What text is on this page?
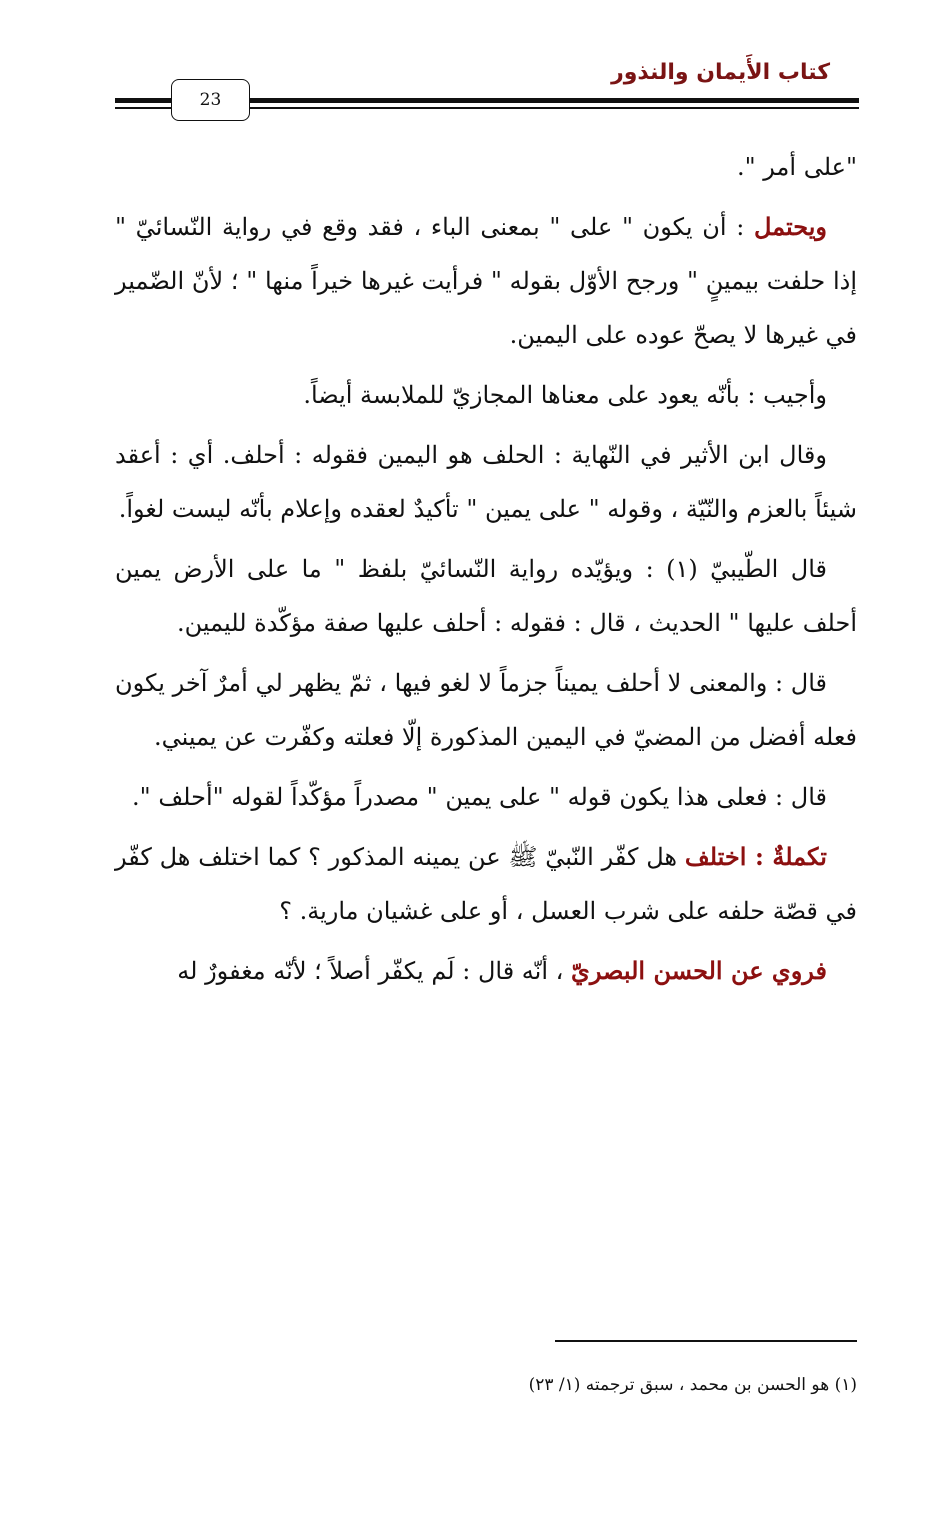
كتاب الأَيمان والنذور
23

"على أمر ".

ويحتمل : أن يكون " على " بمعنى الباء ، فقد وقع في رواية النّسائيّ " إذا حلفت بيمينٍ " ورجح الأوّل بقوله " فرأيت غيرها خيراً منها " ؛ لأنّ الضّمير في غيرها لا يصحّ عوده على اليمين.

وأجيب : بأنّه يعود على معناها المجازيّ للملابسة أيضاً.

وقال ابن الأثير في النّهاية : الحلف هو اليمين فقوله : أحلف. أي : أعقد شيئاً بالعزم والنّيّة ، وقوله " على يمين " تأكيدٌ لعقده وإعلام بأنّه ليست لغواً.

قال الطّيبيّ (١) : ويؤيّده رواية النّسائيّ بلفظ " ما على الأرض يمين أحلف عليها " الحديث ، قال : فقوله : أحلف عليها صفة مؤكّدة لليمين.

قال : والمعنى لا أحلف يميناً جزماً لا لغو فيها ، ثمّ يظهر لي أمرٌ آخر يكون فعله أفضل من المضيّ في اليمين المذكورة إلّا فعلته وكفّرت عن يميني.

قال : فعلى هذا يكون قوله " على يمين " مصدراً مؤكّداً لقوله "أحلف ".

تكملةٌ : اختلف هل كفّر النّبيّ ﷺ عن يمينه المذكور ؟ كما اختلف هل كفّر في قصّة حلفه على شرب العسل ، أو على غشيان مارية. ؟

فروي عن الحسن البصريّ ، أنّه قال : لَم يكفّر أصلاً ؛ لأنّه مغفورٌ له

(١) هو الحسن بن محمد ، سبق ترجمته (١/ ٢٣)
